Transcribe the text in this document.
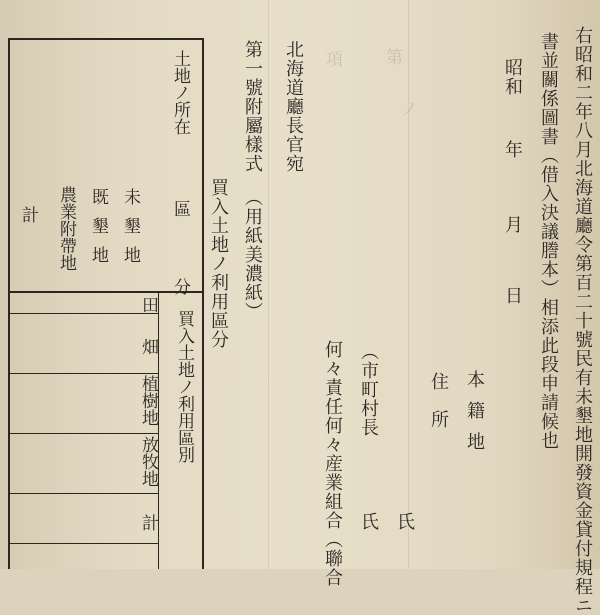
第
項
ノ	右昭和二年八月北海道廳令第百二十號民有未墾地開發資金貸付規程ニ
書並關係圖書（借入決議謄本）相添此段申請候也
昭和
年
月
日
本籍地
住　所
氏
（市町村長
氏
何々責任何々産業組合（聯合
北海道廳長官宛
第一號附屬樣式
（用紙美濃紙）
買入土地ノ利用區分
土地ノ所在
區　分
未墾地
既墾地
農業附帶地
計
買入土地ノ利用區別
田
畑
植樹地
放牧地
計
